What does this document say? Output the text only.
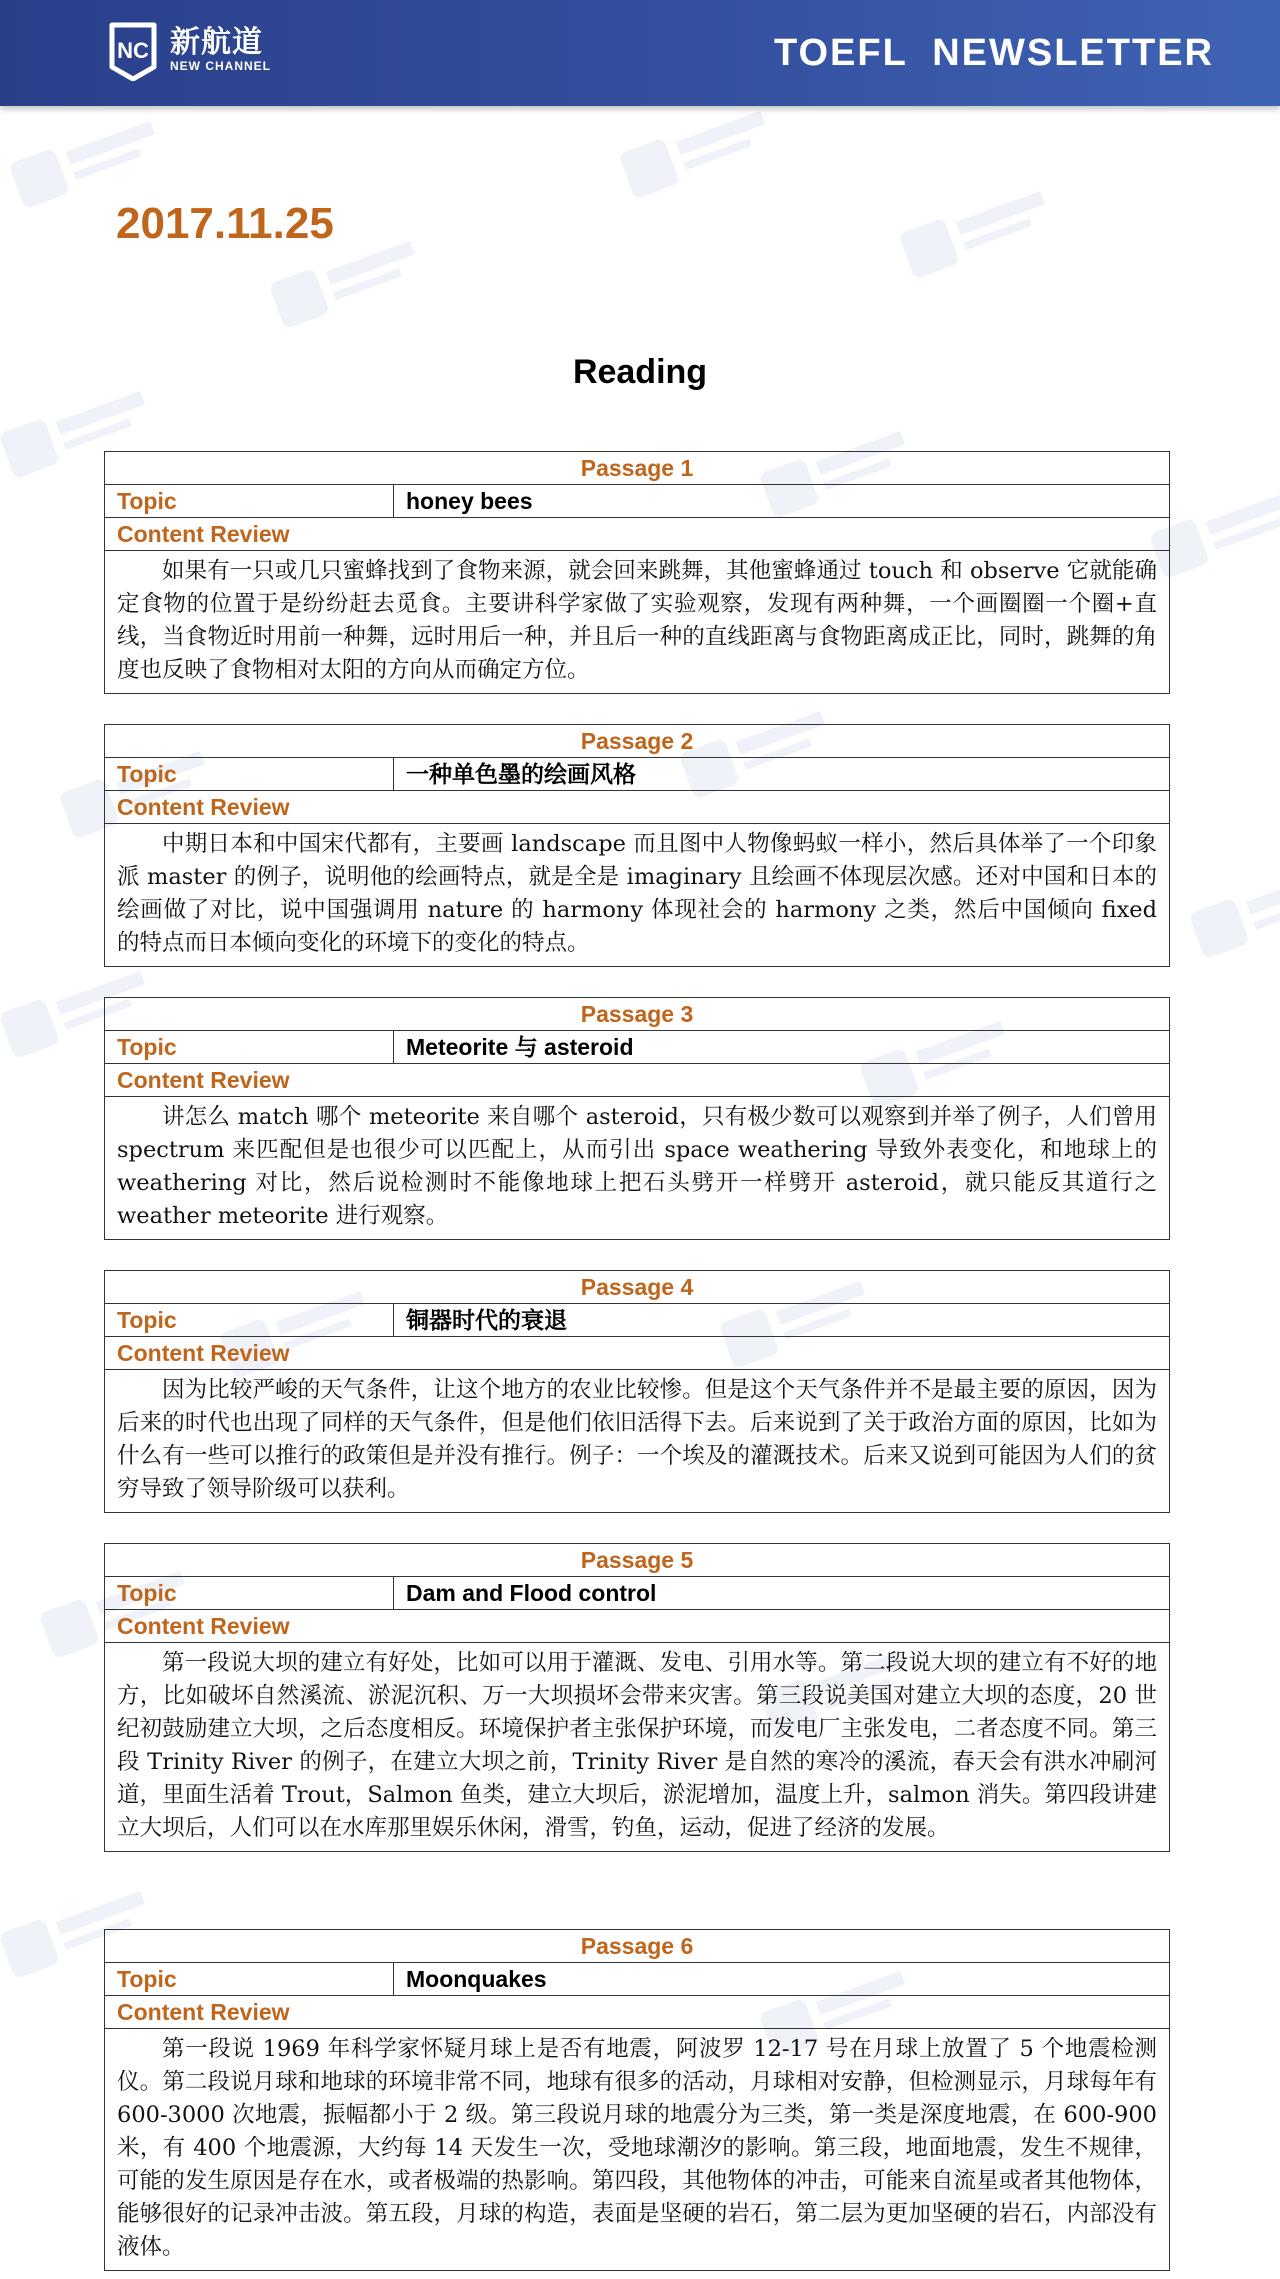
NC 新航道
NEW CHANNEL	TOEFL  NEWSLETTER
2017.11.25
Reading
Passage 1
Topic	honey bees
Content Review
如果有一只或几只蜜蜂找到了食物来源，就会回来跳舞，其他蜜蜂通过 touch 和 observe 它就能确定食物的位置于是纷纷赶去觅食。主要讲科学家做了实验观察，发现有两种舞，一个画圈圈一个圈+直线，当食物近时用前一种舞，远时用后一种，并且后一种的直线距离与食物距离成正比，同时，跳舞的角度也反映了食物相对太阳的方向从而确定方位。
Passage 2
Topic	一种单色墨的绘画风格
Content Review
中期日本和中国宋代都有，主要画 landscape 而且图中人物像蚂蚁一样小，然后具体举了一个印象派 master 的例子，说明他的绘画特点，就是全是 imaginary 且绘画不体现层次感。还对中国和日本的绘画做了对比，说中国强调用 nature 的 harmony 体现社会的 harmony 之类，然后中国倾向 fixed 的特点而日本倾向变化的环境下的变化的特点。
Passage 3
Topic	Meteorite 与 asteroid
Content Review
讲怎么 match 哪个 meteorite 来自哪个 asteroid，只有极少数可以观察到并举了例子，人们曾用 spectrum 来匹配但是也很少可以匹配上，从而引出 space weathering 导致外表变化，和地球上的 weathering 对比，然后说检测时不能像地球上把石头劈开一样劈开 asteroid，就只能反其道行之 weather meteorite 进行观察。
Passage 4
Topic	铜器时代的衰退
Content Review
因为比较严峻的天气条件，让这个地方的农业比较惨。但是这个天气条件并不是最主要的原因，因为后来的时代也出现了同样的天气条件，但是他们依旧活得下去。后来说到了关于政治方面的原因，比如为什么有一些可以推行的政策但是并没有推行。例子：一个埃及的灌溉技术。后来又说到可能因为人们的贫穷导致了领导阶级可以获利。
Passage 5
Topic	Dam and Flood control
Content Review
第一段说大坝的建立有好处，比如可以用于灌溉、发电、引用水等。第二段说大坝的建立有不好的地方，比如破坏自然溪流、淤泥沉积、万一大坝损坏会带来灾害。第三段说美国对建立大坝的态度，20 世纪初鼓励建立大坝，之后态度相反。环境保护者主张保护环境，而发电厂主张发电，二者态度不同。第三段 Trinity River 的例子，在建立大坝之前，Trinity River 是自然的寒冷的溪流，春天会有洪水冲刷河道，里面生活着 Trout，Salmon 鱼类，建立大坝后，淤泥增加，温度上升，salmon 消失。第四段讲建立大坝后，人们可以在水库那里娱乐休闲，滑雪，钓鱼，运动，促进了经济的发展。
Passage 6
Topic	Moonquakes
Content Review
第一段说 1969 年科学家怀疑月球上是否有地震，阿波罗 12-17 号在月球上放置了 5 个地震检测仪。第二段说月球和地球的环境非常不同，地球有很多的活动，月球相对安静，但检测显示，月球每年有 600-3000 次地震，振幅都小于 2 级。第三段说月球的地震分为三类，第一类是深度地震，在 600-900 米，有 400 个地震源，大约每 14 天发生一次，受地球潮汐的影响。第三段，地面地震，发生不规律，可能的发生原因是存在水，或者极端的热影响。第四段，其他物体的冲击，可能来自流星或者其他物体，能够很好的记录冲击波。第五段，月球的构造，表面是坚硬的岩石，第二层为更加坚硬的岩石，内部没有液体。
